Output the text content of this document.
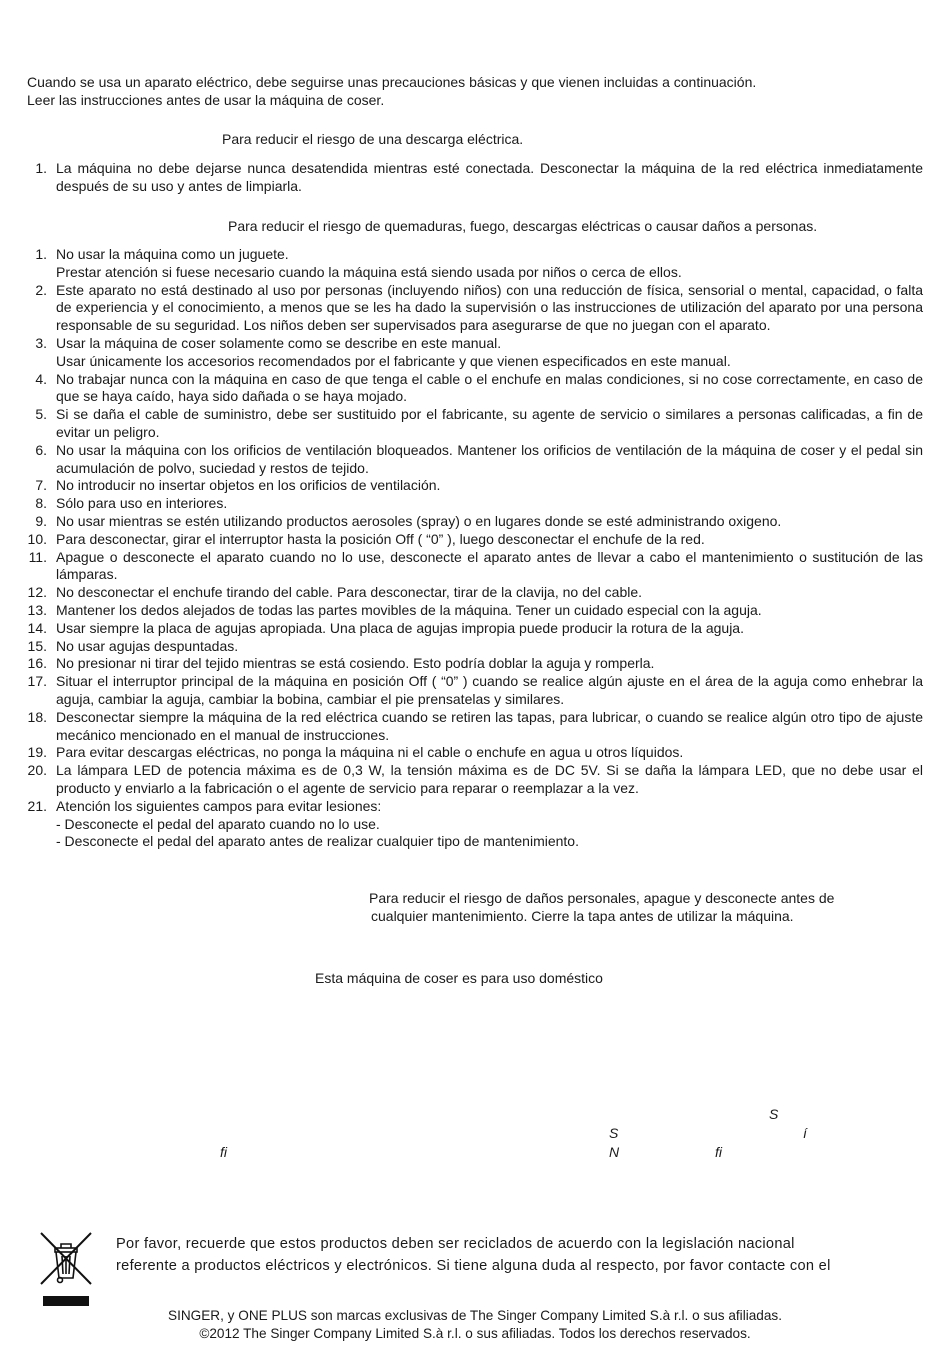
Cuando se usa un aparato eléctrico, debe seguirse unas precauciones básicas y que vienen incluidas a continuación.
Leer las instrucciones antes de usar la máquina de coser.
Para reducir el riesgo de una descarga eléctrica.
1. La máquina no debe dejarse nunca desatendida mientras esté conectada. Desconectar la máquina de la red eléctrica inmediatamente después de su uso y antes de limpiarla.
Para reducir el riesgo de quemaduras, fuego, descargas eléctricas o causar daños a personas.
1. No usar la máquina como un juguete.
Prestar atención si fuese necesario cuando la máquina está siendo usada por niños o cerca de ellos.
2. Este aparato no está destinado al uso por personas (incluyendo niños) con una reducción de física, sensorial o mental, capacidad, o falta de experiencia y el conocimiento, a menos que se les ha dado la supervisión o las instrucciones de utilización del aparato por una persona responsable de su seguridad. Los niños deben ser supervisados para asegurarse de que no juegan con el aparato.
3. Usar la máquina de coser solamente como se describe en este manual.
Usar únicamente los accesorios recomendados por el fabricante y que vienen especificados en este manual.
4. No trabajar nunca con la máquina en caso de que tenga el cable o el enchufe en malas condiciones, si no cose correctamente, en caso de que se haya caído, haya sido dañada o se haya mojado.
5. Si se daña el cable de suministro, debe ser sustituido por el fabricante, su agente de servicio o similares a personas calificadas, a fin de evitar un peligro.
6. No usar la máquina con los orificios de ventilación bloqueados. Mantener los orificios de ventilación de la máquina de coser y el pedal sin acumulación de polvo, suciedad y restos de tejido.
7. No introducir no insertar objetos en los orificios de ventilación.
8. Sólo para uso en interiores.
9. No usar mientras se estén utilizando productos aerosoles (spray) o en lugares donde se esté administrando oxigeno.
10. Para desconectar, girar el interruptor hasta la posición Off ( “0” ), luego desconectar el enchufe de la red.
11. Apague o desconecte el aparato cuando no lo use, desconecte el aparato antes de llevar a cabo el mantenimiento o sustitución de las lámparas.
12. No desconectar el enchufe tirando del cable. Para desconectar, tirar de la clavija, no del cable.
13. Mantener los dedos alejados de todas las partes movibles de la máquina. Tener un cuidado especial con la aguja.
14. Usar siempre la placa de agujas apropiada. Una placa de agujas impropia puede producir la rotura de la aguja.
15. No usar agujas despuntadas.
16. No presionar ni tirar del tejido mientras se está cosiendo. Esto podría doblar la aguja y romperla.
17. Situar el interruptor principal de la máquina en posición Off ( “0” ) cuando se realice algún ajuste en el área de la aguja como enhebrar la aguja, cambiar la aguja, cambiar la bobina, cambiar el pie prensatelas y similares.
18. Desconectar siempre la máquina de la red eléctrica cuando se retiren las tapas, para lubricar, o cuando se realice algún otro tipo de ajuste mecánico mencionado en el manual de instrucciones.
19. Para evitar descargas eléctricas, no ponga la máquina ni el cable o enchufe en agua u otros líquidos.
20. La lámpara LED de potencia máxima es de 0,3 W, la tensión máxima es de DC 5V. Si se daña la lámpara LED, que no debe usar el producto y enviarlo a la fabricación o el agente de servicio para reparar o reemplazar a la vez.
21. Atención los siguientes campos para evitar lesiones:
- Desconecte el pedal del aparato cuando no lo use.
- Desconecte el pedal del aparato antes de realizar cualquier tipo de mantenimiento.
Para reducir el riesgo de daños personales, apague y desconecte antes de
cualquier mantenimiento. Cierre la tapa antes de utilizar la máquina.
Esta máquina de coser es para uso doméstico
S
S	í
ﬁ	N	ﬁ
Por favor, recuerde que estos productos deben ser reciclados de acuerdo con la legislación nacional
referente a productos eléctricos y electrónicos. Si tiene alguna duda al respecto, por favor contacte con el
SINGER, y ONE PLUS son marcas exclusivas de The Singer Company Limited S.à r.l. o sus afiliadas.
©2012 The Singer Company Limited S.à r.l. o sus afiliadas. Todos los derechos reservados.
